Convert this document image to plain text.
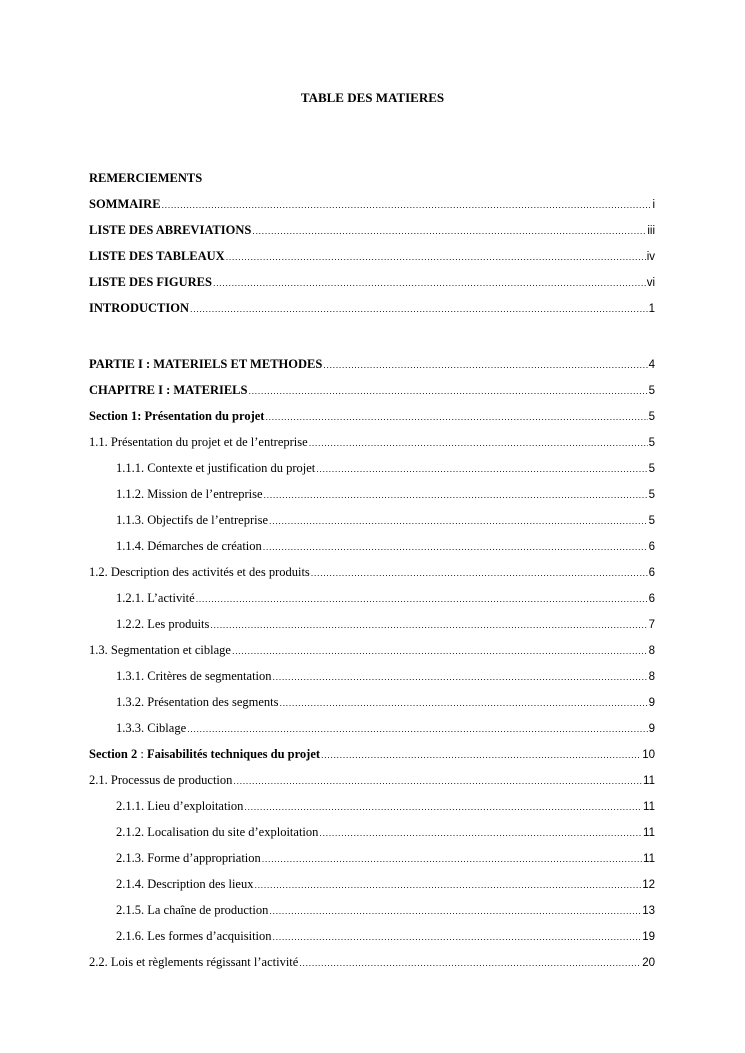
TABLE DES MATIERES
REMERCIEMENTS
SOMMAIRE .....	i
LISTE DES ABREVIATIONS .....	iii
LISTE DES TABLEAUX .....	iv
LISTE DES FIGURES .....	vi
INTRODUCTION .....	1
PARTIE I : MATERIELS ET METHODES .....	4
CHAPITRE I : MATERIELS .....	5
Section 1: Présentation du projet .....	5
1.1. Présentation du projet et de l’entreprise .....	5
1.1.1. Contexte et justification du projet .....	5
1.1.2. Mission de l’entreprise .....	5
1.1.3. Objectifs de l’entreprise .....	5
1.1.4. Démarches de création .....	6
1.2. Description des activités et des produits .....	6
1.2.1. L’activité .....	6
1.2.2. Les produits .....	7
1.3. Segmentation et ciblage .....	8
1.3.1. Critères de segmentation .....	8
1.3.2. Présentation des segments .....	9
1.3.3. Ciblage .....	9
Section 2 : Faisabilités techniques du projet .....	10
2.1. Processus de production .....	11
2.1.1. Lieu d’exploitation .....	11
2.1.2. Localisation du site d’exploitation .....	11
2.1.3. Forme d’appropriation .....	11
2.1.4. Description des lieux .....	12
2.1.5. La chaîne de production .....	13
2.1.6. Les formes d’acquisition .....	19
2.2. Lois et règlements régissant l’activité .....	20
